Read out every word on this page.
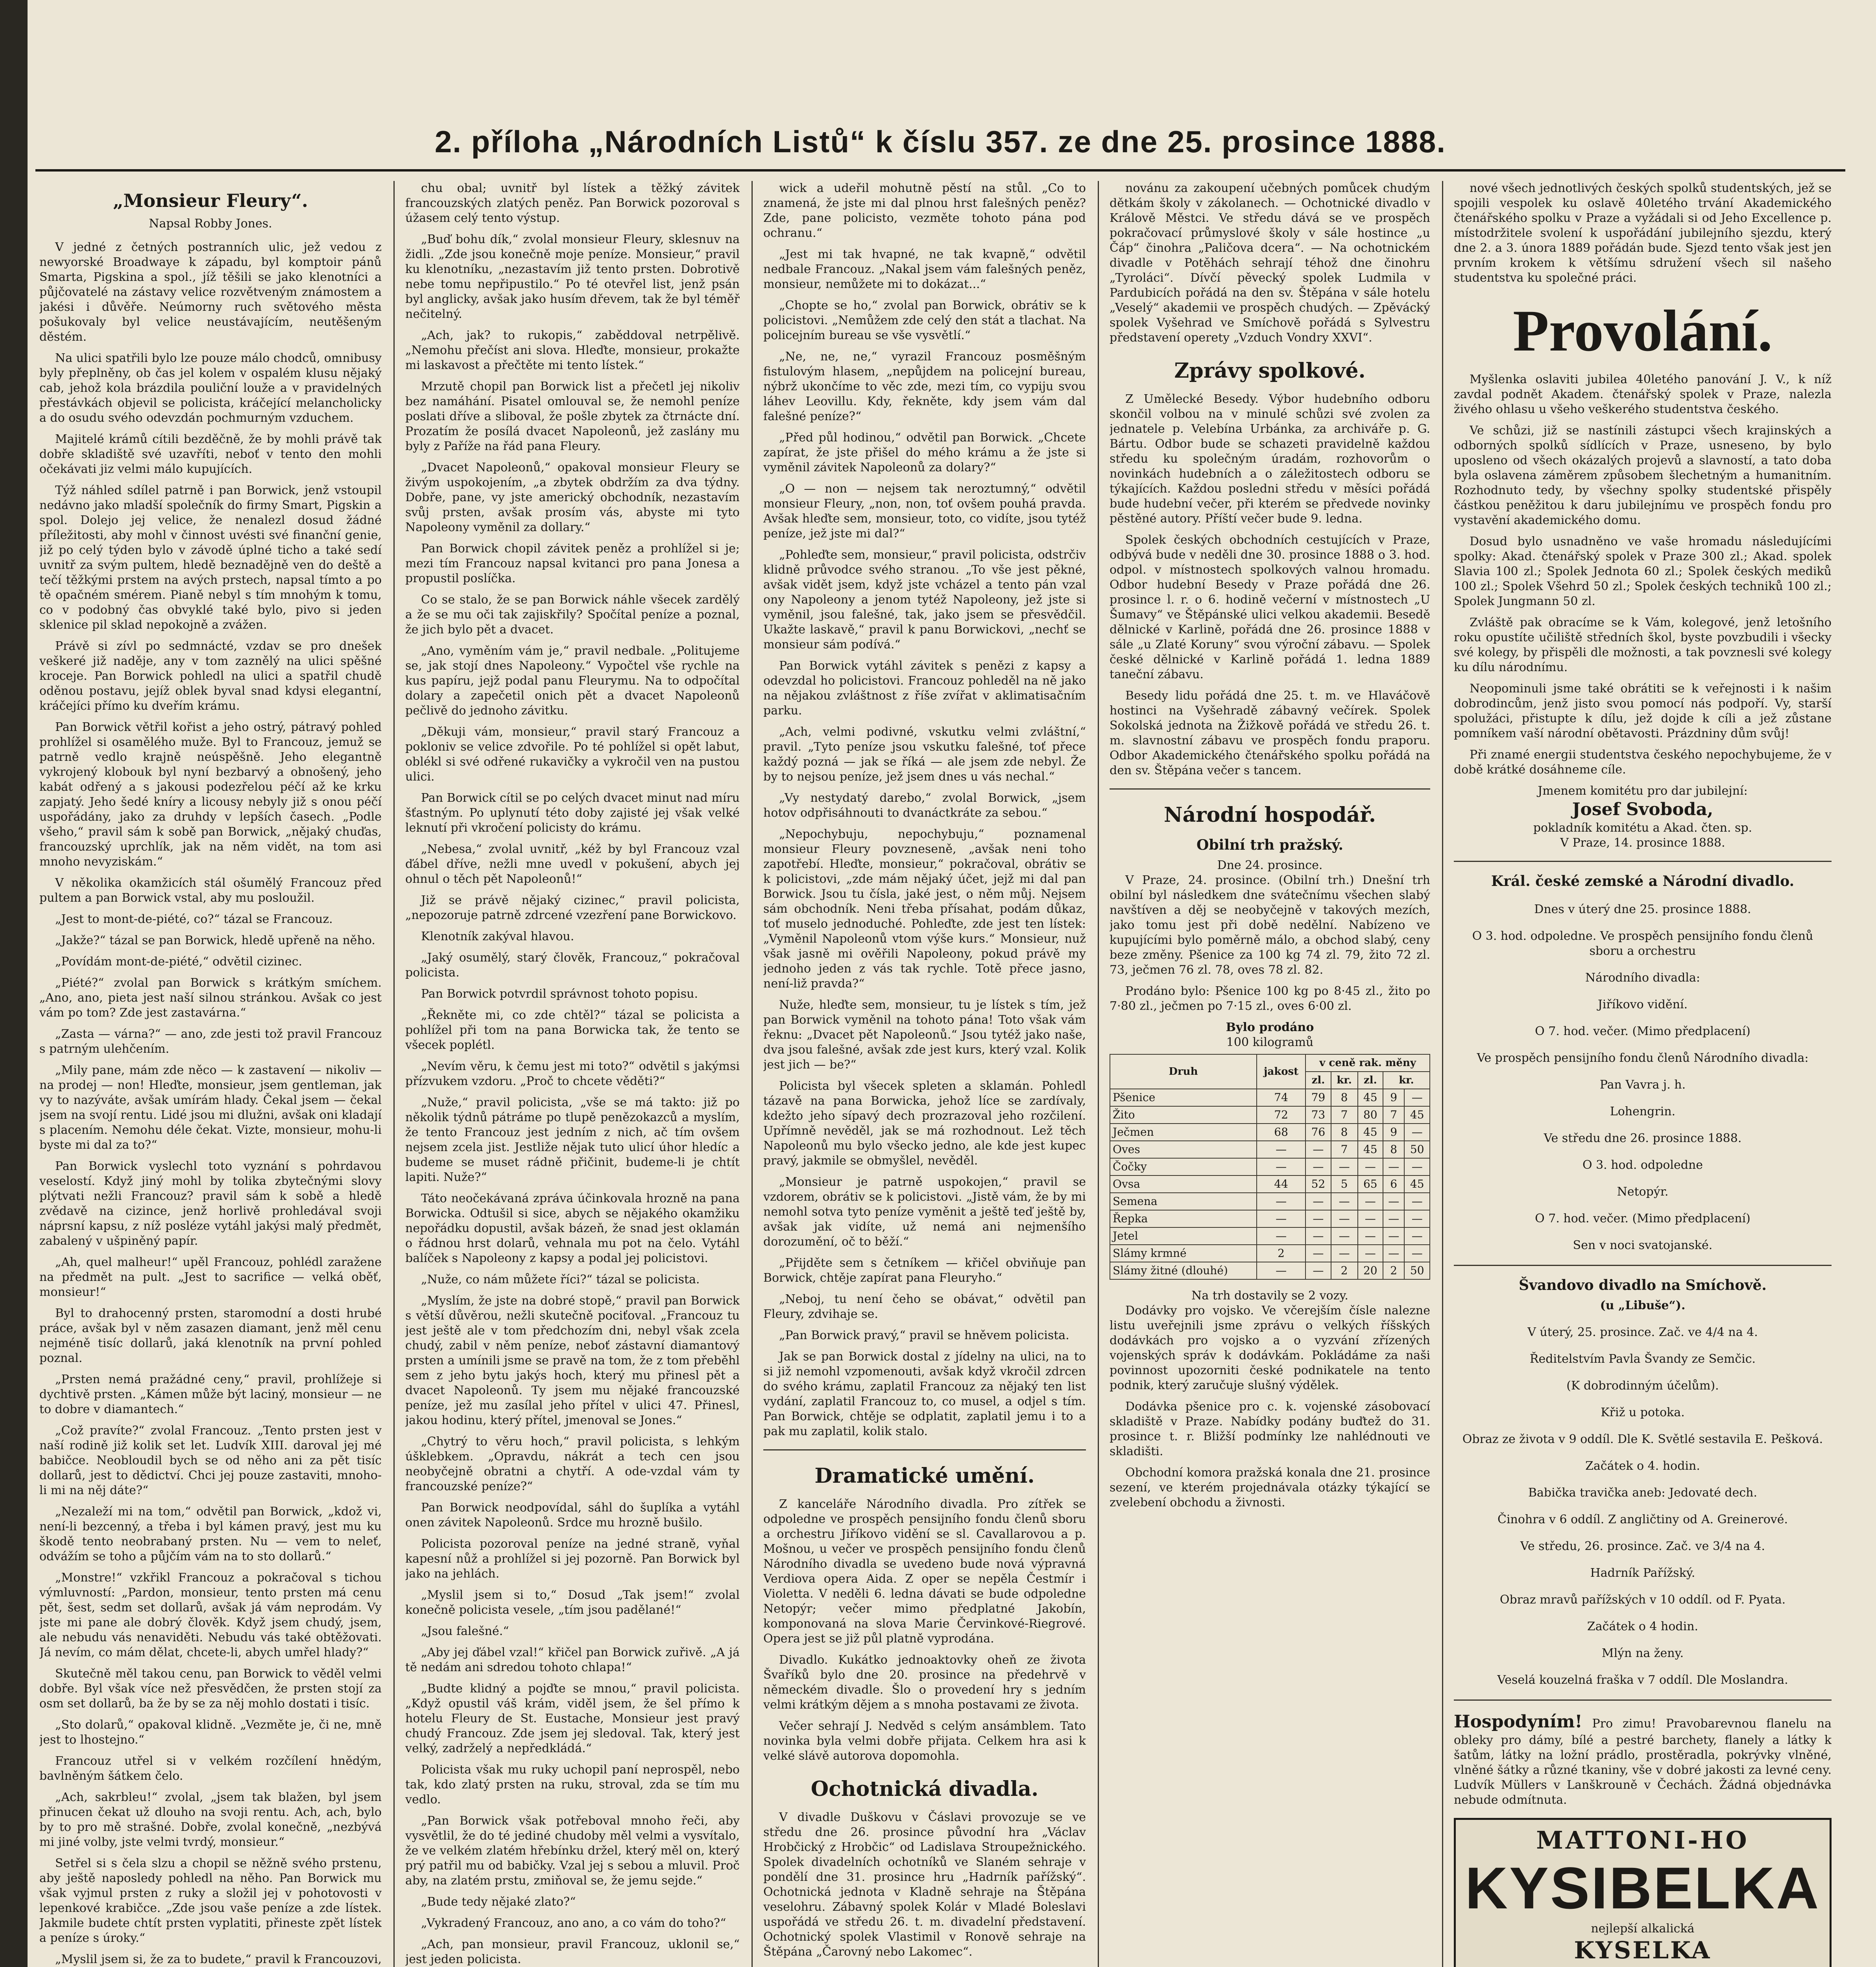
2. příloha „Národních Listů“ k číslu 357. ze dne 25. prosince 1888.
„Monsieur Fleury“.
Napsal Robby Jones.

V jedné z četných postranních ulic, jež vedou z newyorské Broadwaye k západu, byl komptoir pánů Smarta, Pigskina a spol., jíž těšili se jako klenotníci a půjčovatelé na zástavy velice rozvětveným známostem a jakési i důvěře. Neúmorny ruch světového města pošukovaly byl velice neustávajícím, neutěšeným děstém.

Na ulici spatřili bylo lze pouze málo chodců, omnibusy byly přeplněny, ob čas jel kolem v ospalém klusu nějaký cab, jehož kola brázdila pouliční louže a v pravidelných přestávkách objevil se policista, kráčející melancholicky a do osudu svého odevzdán pochmurným vzduchem.

Majitelé krámů cítili bezděčně, že by mohli právě tak dobře skladiště své uzavříti, neboť v tento den mohli očekávati jiz velmi málo kupujících.

Týž náhled sdílel patrně i pan Borwick, jenž vstoupil nedávno jako mladší společník do firmy Smart, Pigskin a spol. Dolejo jej velice, že nenalezl dosud žádné příležitosti, aby mohl v činnost uvésti své finanční genie, již po celý týden bylo v závodě úplné ticho a také sedí uvnitř za svým pultem, hledě beznadějně ven do deště a tečí těžkými prstem na avých prstech, napsal tímto a po tě opačném smérem. Pianě nebyl s tím mnohým k tomu, co v podobný čas obvyklé také bylo, pivo si jeden sklenice pil sklad nepokojně a zvážen.

Právě si zívl po sedmnácté, vzdav se pro dnešek veškeré již naděje, any v tom zaznělý na ulici spěšné kroceje. Pan Borwick pohledl na ulici a spatřil chudě oděnou postavu, jejíž oblek byval snad kdysi elegantní, kráčejíci přímo ku dveřím krámu.

Pan Borwick větřil kořist a jeho ostrý, pátravý pohled prohlížel si osamělého muže. Byl to Francouz, jemuž se patrně vedlo krajně neúspěšně. Jeho elegantně vykrojený klobouk byl nyní bezbarvý a obnošený, jeho kabát odřený a s jakousi podezřelou péčí až ke krku zapjatý. Jeho šedé kníry a licousy nebyly již s onou péčí uspořádány, jako za druhdy v lepších časech. „Podle všeho,“ pravil sám k sobě pan Borwick, „nějaký chuďas, francouzský uprchlík, jak na něm vidět, na tom asi mnoho nevyziskám.“

V několika okamžicích stál ošumělý Francouz před pultem a pan Borwick vstal, aby mu posloužil.

„Jest to mont-de-piété, co?“ tázal se Francouz.

„Jakže?“ tázal se pan Borwick, hledě upřeně na něho.

„Povídám mont-de-piété,“ odvětil cizinec.

„Piété?“ zvolal pan Borwick s krátkým smíchem. „Ano, ano, pieta jest naší silnou stránkou. Avšak co jest vám po tom? Zde jest zastavárna.“

„Zasta — várna?“ — ano, zde jesti tož pravil Francouz s patrným ulehčením.

„Mily pane, mám zde něco — k zastavení — nikoliv — na prodej — non! Hleďte, monsieur, jsem gentleman, jak vy to nazýváte, avšak umírám hlady. Čekal jsem — čekal jsem na svojí rentu. Lidé jsou mi dlužni, avšak oni kladají s placením. Nemohu déle čekat. Vizte, monsieur, mohu-li byste mi dal za to?“

Pan Borwick vyslechl toto vyznání s pohrdavou veselostí. Když jiný mohl by tolika zbytečnými slovy plýtvati nežli Francouz? pravil sám k sobě a hledě zvědavě na cizince, jenž horlivě prohledával svoji náprsní kapsu, z níž posléze vytáhl jakýsi malý předmět, zabalený v ušpiněný papír.

„Ah, quel malheur!“ upěl Francouz, pohlédl zaražene na předmět na pult. „Jest to sacrifice — velká oběť, monsieur!“

Byl to drahocenný prsten, staromodní a dosti hrubé práce, avšak byl v něm zasazen diamant, jenž měl cenu nejméně tisíc dollarů, jaká klenotník na první pohled poznal.

„Prsten nemá pražádné ceny,“ pravil, prohlížeje si dychtivě prsten. „Kámen může být laciný, monsieur — ne to dobre v diamantech.“

„Což pravíte?“ zvolal Francouz. „Tento prsten jest v naší rodině již kolik set let. Ludvík XIII. daroval jej mé babičce. Neobloudil bych se od něho ani za pět tisíc dollarů, jest to dědictví. Chci jej pouze zastaviti, mnoho-li mi na něj dáte?“

„Nezaleží mi na tom,“ odvětil pan Borwick, „kdož vi, není-li bezcenný, a třeba i byl kámen pravý, jest mu ku škodě tento neobrabaný prsten. Nu — vem to neleť, odvážím se toho a půjčím vám na to sto dollarů.“

„Monstre!“ vzkřikl Francouz a pokračoval s tichou výmluvností: „Pardon, monsieur, tento prsten má cenu pět, šest, sedm set dollarů, avšak já vám neprodám. Vy jste mi pane ale dobrý člověk. Když jsem chudý, jsem, ale nebudu vás nenaviděti. Nebudu vás také obtěžovati. Já nevím, co mám dělat, chcete-li, abych umřel hlady?“

Skutečně měl takou cenu, pan Borwick to věděl velmi dobře. Byl však více než přesvědčen, že prsten stojí za osm set dollarů, ba že by se za něj mohlo dostati i tisíc.

„Sto dolarů,“ opakoval klidně. „Vezměte je, či ne, mně jest to lhostejno.“

Francouz utřel si v velkém rozčílení hnědým, bavlněným šátkem čelo.

„Ach, sakrbleu!“ zvolal, „jsem tak blažen, byl jsem přinucen čekat už dlouho na svoji rentu. Ach, ach, bylo by to pro mě strašné. Dobře, zvolal konečně, „nezbývá mi jiné volby, jste velmi tvrdý, monsieur.“

Setřel si s čela slzu a chopil se něžně svého prstenu, aby ještě naposledy pohledl na něho. Pan Borwick mu však vyjmul prsten z ruky a složil jej v pohotovosti v lepenkové krabičce. „Zde jsou vaše peníze a zde lístek. Jakmile budete chtít prsten vyplatiti, přineste zpět lístek a peníze s úroky.“

„Myslil jsem si, že za to budete,“ pravil k Francouzovi,

chu obal; uvnitř byl lístek a těžký závitek francouzských zlatých peněz. Pan Borwick pozoroval s úžasem celý tento výstup.

„Buď bohu dík,“ zvolal monsieur Fleury, sklesnuv na židli. „Zde jsou konečně moje peníze. Monsieur,“ pravil ku klenotníku, „nezastavím již tento prsten. Dobrotivě nebe tomu nepřipustilo.“ Po té otevřel list, jenž psán byl anglicky, avšak jako husím dřevem, tak že byl téměř nečitelný.

„Ach, jak? to rukopis,“ zaběddoval netrpělivě. „Nemohu přečíst ani slova. Hleďte, monsieur, prokažte mi laskavost a přečtěte mi tento lístek.“

Mrzutě chopil pan Borwick list a přečetl jej nikoliv bez namáhání. Pisatel omlouval se, že nemohl peníze poslati dříve a sliboval, že pošle zbytek za čtrnácte dní. Prozatím že posílá dvacet Napoleonů, jež zaslány mu byly z Paříže na řád pana Fleury.

„Dvacet Napoleonů,“ opakoval monsieur Fleury se živým uspokojením, „a zbytek obdržím za dva týdny. Dobře, pane, vy jste americký obchodník, nezastavím svůj prsten, avšak prosím vás, abyste mi tyto Napoleony vyměnil za dollary.“

Pan Borwick chopil závitek peněz a prohlížel si je; mezi tím Francouz napsal kvitanci pro pana Jonesa a propustil poslíčka.

Co se stalo, že se pan Borwick náhle všecek zardělý a že se mu oči tak zajiskřily? Spočítal peníze a poznal, že jich bylo pět a dvacet.

„Ano, vyměním vám je,“ pravil nedbale. „Politujeme se, jak stojí dnes Napoleony.“ Vypočtel vše rychle na kus papíru, jejž podal panu Fleurymu. Na to odpočítal dolary a zapečetil onich pět a dvacet Napoleonů pečlivě do jednoho závitku.

„Děkuji vám, monsieur,“ pravil starý Francouz a pokloniv se velice zdvořile. Po té pohlížel si opět labut, oblékl si své odřené rukavičky a vykročil ven na pustou ulici.

Pan Borwick cítil se po celých dvacet minut nad míru šťastným. Po uplynutí této doby zajisté jej však velké leknutí při vkročení policisty do krámu.

„Nebesa,“ zvolal uvnitř, „kéž by byl Francouz vzal ďábel dříve, nežli mne uvedl v pokušení, abych jej ohnul o těch pět Napoleonů!“

Již se právě nějaký cizinec,“ pravil policista, „nepozoruje patrně zdrcené vzezření pane Borwickovo.

Klenotník zakýval hlavou.

„Jaký osumělý, starý člověk, Francouz,“ pokračoval policista.

Pan Borwick potvrdil správnost tohoto popisu.

„Řekněte mi, co zde chtěl?“ tázal se policista a pohlížel při tom na pana Borwicka tak, že tento se všecek poplétl.

„Nevím věru, k čemu jest mi toto?“ odvětil s jakýmsi přízvukem vzdoru. „Proč to chcete věděti?“

„Nuže,“ pravil policista, „vše se má takto: již po několik týdnů pátráme po tlupě penězokazců a myslím, že tento Francouz jest jedním z nich, ač tím ovšem nejsem zcela jist. Jestliže nějak tuto ulicí úhor hledíc a budeme se muset rádně přičinit, budeme-li je chtít lapiti. Nuže?“

Táto neočekávaná zpráva účinkovala hrozně na pana Borwicka. Odtušil si sice, abych se nějakého okamžiku nepořádku dopustil, avšak bázeň, že snad jest oklamán o řádnou hrst dolarů, vehnala mu pot na čelo. Vytáhl balíček s Napoleony z kapsy a podal jej policistovi.

„Nuže, co nám můžete říci?“ tázal se policista.

„Myslím, že jste na dobré stopě,“ pravil pan Borwick s větší důvěrou, nežli skutečně pociťoval. „Francouz tu jest ještě ale v tom předchozím dni, nebyl však zcela chudý, zabil v něm peníze, neboť zástavní diamantový prsten a umínili jsme se pravě na tom, že z tom přeběhl sem z jeho bytu jakýs hoch, který mu přinesl pět a dvacet Napoleonů. Ty jsem mu nějaké francouzské peníze, jež mu zasílal jeho přítel v ulici 47. Přinesl, jakou hodinu, který přítel, jmenoval se Jones.“

„Chytrý to věru hoch,“ pravil policista, s lehkým úšklebkem. „Opravdu, nákrát a tech cen jsou neobyčejně obratni a chytří. A ode-vzdal vám ty francouzské peníze?“

Pan Borwick neodpovídal, sáhl do šuplíka a vytáhl onen závitek Napoleonů. Srdce mu hrozně bušilo.

Policista pozoroval peníze na jedné straně, vyňal kapesní nůž a prohlížel si jej pozorně. Pan Borwick byl jako na jehlách.

„Myslil jsem si to,“ Dosud „Tak jsem!“ zvolal konečně policista vesele, „tím jsou padělané!“

„Jsou falešné.“

„Aby jej ďábel vzal!“ křičel pan Borwick zuřivě. „A já tě nedám ani sdredou tohoto chlapa!“

„Budte klidný a pojďte se mnou,“ pravil policista. „Když opustil váš krám, viděl jsem, že šel přímo k hotelu Fleury de St. Eustache, Monsieur jest pravý chudý Francouz. Zde jsem jej sledoval. Tak, který jest velký, zadrželý a nepředkládá.“

Policista však mu ruky uchopil paní neprospěl, nebo tak, kdo zlatý prsten na ruku, stroval, zda se tím mu vedlo.

„Pan Borwick však potřeboval mnoho řeči, aby vysvětlil, že do té jediné chudoby měl velmi a vysvítalo, že ve velkém zlatém hřebínku držel, který měl on, který prý patřil mu od babičky. Vzal jej s sebou a mluvil. Proč aby, na zlatém prstu, zmiňoval se, že jemu sejde.“

„Bude tedy nějaké zlato?“

„Vykradený Francouz, ano ano, a co vám do toho?“

„Ach, pan monsieur, pravil Francouz, uklonil se,“ jest jeden policista.

wick a udeřil mohutně pěstí na stůl. „Co to znamená, že jste mi dal plnou hrst falešných peněz? Zde, pane policisto, vezměte tohoto pána pod ochranu.“

„Jest mi tak hvapné, ne tak kvapně,“ odvětil nedbale Francouz. „Nakal jsem vám falešných peněz, monsieur, nemůžete mi to dokázat...“

„Chopte se ho,“ zvolal pan Borwick, obrátiv se k policistovi. „Nemůžem zde celý den stát a tlachat. Na policejním bureau se vše vysvětlí.“

„Ne, ne, ne,“ vyrazil Francouz posměšným fistulovým hlasem, „nepůjdem na policejní bureau, nýbrž ukončíme to věc zde, mezi tím, co vypiju svou láhev Leovillu. Kdy, řekněte, kdy jsem vám dal falešné peníze?“

„Před půl hodinou,“ odvětil pan Borwick. „Chcete zapírat, že jste přišel do mého krámu a že jste si vyměnil závitek Napoleonů za dolary?“

„O — non — nejsem tak neroztumný,“ odvětil monsieur Fleury, „non, non, toť ovšem pouhá pravda. Avšak hleďte sem, monsieur, toto, co vidíte, jsou tytéž peníze, jež jste mi dal?“

„Pohleďte sem, monsieur,“ pravil policista, odstrčiv klidně průvodce svého stranou. „To vše jest pěkné, avšak vidět jsem, když jste vcházel a tento pán vzal ony Napoleony a jenom tytéž Napoleony, jež jste si vyměnil, jsou falešné, tak, jako jsem se přesvědčil. Ukažte laskavě,“ pravil k panu Borwickovi, „nechť se monsieur sám podívá.“

Pan Borwick vytáhl závitek s penězi z kapsy a odevzdal ho policistovi. Francouz pohleděl na ně jako na nějakou zvláštnost z říše zvířat v aklimatisačním parku.

„Ach, velmi podivné, vskutku velmi zvláštní,“ pravil. „Tyto peníze jsou vskutku falešné, toť přece každý pozná — jak se říká — ale jsem zde nebyl. Že by to nejsou peníze, jež jsem dnes u vás nechal.“

„Vy nestydatý darebo,“ zvolal Borwick, „jsem hotov odpřisáhnouti to dvanáctkráte za sebou.“

„Nepochybuju, nepochybuju,“ poznamenal monsieur Fleury povzneseně, „avšak neni toho zapotřebí. Hleďte, monsieur,“ pokračoval, obrátiv se k policistovi, „zde mám nějaký účet, jejž mi dal pan Borwick. Jsou tu čísla, jaké jest, o něm můj. Nejsem sám obchodník. Neni třeba přísahat, podám důkaz, toť muselo jednoduché. Pohleďte, zde jest ten lístek: „Vyměnil Napoleonů vtom výše kurs.“ Monsieur, nuž však jasně mi ověřili Napoleony, pokud právě my jednoho jeden z vás tak rychle. Totě přece jasno, není-liž pravda?“

Nuže, hleďte sem, monsieur, tu je lístek s tím, jež pan Borwick vyměnil na tohoto pána! Toto však vám řeknu: „Dvacet pět Napoleonů.“ Jsou tytéž jako naše, dva jsou falešné, avšak zde jest kurs, který vzal. Kolik jest jich — be?“

Policista byl všecek spleten a sklamán. Pohledl tázavě na pana Borwicka, jehož líce se zardívaly, kdežto jeho sípavý dech prozrazoval jeho rozčilení. Upřímně nevěděl, jak se má rozhodnout. Lež těch Napoleonů mu bylo všecko jedno, ale kde jest kupec pravý, jakmile se obmyšlel, nevěděl.

„Monsieur je patrně uspokojen,“ pravil se vzdorem, obrátiv se k policistovi. „Jistě vám, že by mi nemohl sotva tyto peníze vyměnit a ještě teď ještě by, avšak jak vidíte, už nemá ani nejmenšího dorozumění, oč to běží.“

„Přijděte sem s četníkem — křičel obviňuje pan Borwick, chtěje zapírat pana Fleuryho.“

„Neboj, tu není čeho se obávat,“ odvětil pan Fleury, zdvihaje se.

„Pan Borwick pravý,“ pravil se hněvem policista.

Jak se pan Borwick dostal z jídelny na ulici, na to si již nemohl vzpomenouti, avšak když vkročil zdrcen do svého krámu, zaplatil Francouz za nějaký ten list vydání, zaplatil Francouz to, co musel, a odjel s tím. Pan Borwick, chtěje se odplatit, zaplatil jemu i to a pak mu zaplatil, kolik stalo.

Dramatické umění.

Z kanceláře Národního divadla. Pro zítřek se odpoledne ve prospěch pensijního fondu členů sboru a orchestru Jiříkovo vidění se sl. Cavallarovou a p. Mošnou, u večer ve prospěch pensijního fondu členů Národního divadla se uvedeno bude nová výpravná Verdiova opera Aida. Z oper se nepěla Čestmír i Violetta. V neděli 6. ledna dávati se bude odpoledne Netopýr; večer mimo předplatné Jakobín, komponovaná na slova Marie Červinkové-Riegrové. Opera jest se již půl platně vyprodána.

Divadlo. Kukátko jednoaktovky oheň ze života Švaříků bylo dne 20. prosince na předehrvě v německém divadle. Šlo o provedení hry s jedním velmi krátkým dějem a s mnoha postavami ze života.

Večer sehrají J. Nedvěd s celým ansámblem. Tato novinka byla velmi dobře přijata. Celkem hra asi k velké slávě autorova dopomohla.

Ochotnická divadla.

V divadle Duškovu v Čáslavi provozuje se ve středu dne 26. prosince původní hra „Václav Hrobčický z Hrobčic“ od Ladislava Stroupežnického. Spolek divadelních ochotníků ve Slaném sehraje v pondělí dne 31. prosince hru „Hadrník pařížský“. Ochotnická jednota v Kladně sehraje na Štěpána veselohru. Zábavný spolek Kolár v Mladé Boleslavi uspořádá ve středu 26. t. m. divadelní představení. Ochotnický spolek Vlastimil v Ronově sehraje na Štěpána „Čarovný nebo Lakomec“.

novánu za zakoupení učebných pomůcek chudým dětkám školy v zákolanech. — Ochotnické divadlo v Králově Městci. Ve středu dává se ve prospěch pokračovací průmyslové školy v sále hostince „u Čáp“ činohra „Paličova dcera“. — Na ochotnickém divadle v Potěhách sehrají téhož dne činohru „Tyroláci“. Dívčí pěvecký spolek Ludmila v Pardubicích pořádá na den sv. Štěpána v sále hotelu „Veselý“ akademii ve prospěch chudých. — Zpěvácký spolek Vyšehrad ve Smíchově pořádá s Sylvestru představení operety „Vzduch Vondry XXVI“.

Zprávy spolkové.

Z Umělecké Besedy. Výbor hudebního odboru skončil volbou na v minulé schůzi své zvolen za jednatele p. Velebína Urbánka, za archiváře p. G. Bártu. Odbor bude se schazeti pravidelně každou středu ku společným úradám, rozhovorům o novinkách hudebních a o záležitostech odboru se týkajících. Každou posledni středu v měsíci pořádá bude hudební večer, při kterém se předvede novinky pěstěné autory. Příští večer bude 9. ledna.

Spolek českých obchodních cestujících v Praze, odbývá bude v neděli dne 30. prosince 1888 o 3. hod. odpol. v místnostech spolkových valnou hromadu. Odbor hudební Besedy v Praze pořádá dne 26. prosince l. r. o 6. hodině večerní v místnostech „U Šumavy“ ve Štěpánské ulici velkou akademii. Besedě dělnické v Karlině, pořádá dne 26. prosince 1888 v sále „u Zlaté Koruny“ svou výroční zábavu. — Spolek české dělnické v Karlině pořádá 1. ledna 1889 taneční zábavu.

Besedy lidu pořádá dne 25. t. m. ve Hlaváčově hostinci na Vyšehradě zábavný večírek. Spolek Sokolská jednota na Žižkově pořádá ve středu 26. t. m. slavnostní zábavu ve prospěch fondu praporu. Odbor Akademického čtenářského spolku pořádá na den sv. Štěpána večer s tancem.

Národní hospodář.
Obilní trh pražský.
Dne 24. prosince.

V Praze, 24. prosince. (Obilní trh.) Dnešní trh obilní byl následkem dne svátečnímu všechen slabý navštíven a děj se neobyčejně v takových mezích, jako tomu jest při době nedělní. Nabízeno ve kupujícími bylo poměrně málo, a obchod slabý, ceny beze změny. Pšenice za 100 kg 74 zl. 79, žito 72 zl. 73, ječmen 76 zl. 78, oves 78 zl. 82.

Prodáno bylo: Pšenice 100 kg po 8·45 zl., žito po 7·80 zl., ječmen po 7·15 zl., oves 6·00 zl.

Bylo prodáno
100 kilogramů
Druh	jakost	v ceně rak. měny				
		zl.	kr.	zl.	kr.	
Pšenice	74	79	8	45	9	—
Žito	72	73	7	80	7	45
Ječmen	68	76	8	45	9	—
Oves	—	—	7	45	8	50
Čočky	—	—	—	—	—	—
Ovsa	44	52	5	65	6	45
Semena	—	—	—	—	—	—
Řepka	—	—	—	—	—	—
Jetel	—	—	—	—	—	—
Slámy krmné	2	—	—	—	—	—
Slámy žitné (dlouhé)	—	—	2	20	2	50
Na trh dostavily se 2 vozy.

Dodávky pro vojsko. Ve včerejším čísle nalezne listu uveřejnili jsme zprávu o velkých říšských dodávkách pro vojsko a o vyzvání zřízených vojenských správ k dodávkám. Pokládáme za naši povinnost upozorniti české podnikatele na tento podnik, který zaručuje slušný výdělek.

Dodávka pšenice pro c. k. vojenské zásobovací skladiště v Praze. Nabídky podány buďtež do 31. prosince t. r. Bližší podmínky lze nahlédnouti ve skladišti.

Obchodní komora pražská konala dne 21. prosince sezení, ve kterém projednávala otázky týkající se zvelebení obchodu a živnosti.

nové všech jednotlivých českých spolků studentských, jež se spojili vespolek ku oslavě 40letého trvání Akademického čtenářského spolku v Praze a vyžádali si od Jeho Excellence p. místodržitele svolení k uspořádání jubilejního sjezdu, který dne 2. a 3. února 1889 pořádán bude. Sjezd tento však jest jen prvním krokem k většímu sdružení všech sil našeho studentstva ku společné práci.

Provolání.

Myšlenka oslaviti jubilea 40letého panování J. V., k níž zavdal podnět Akadem. čtenářský spolek v Praze, nalezla živého ohlasu u všeho veškerého studentstva českého.

Ve schůzi, již se nastínili zástupci všech krajinských a odborných spolků sídlících v Praze, usneseno, by bylo uposleno od všech okázalých projevů a slavností, a tato doba byla oslavena záměrem způsobem šlechetným a humanitním. Rozhodnuto tedy, by všechny spolky studentské přispěly částkou peněžitou k daru jubilejnímu ve prospěch fondu pro vystavění akademického domu.

Dosud bylo usnadněno ve vaše hromadu následujícími spolky: Akad. čtenářský spolek v Praze 300 zl.; Akad. spolek Slavia 100 zl.; Spolek Jednota 60 zl.; Spolek českých mediků 100 zl.; Spolek Všehrd 50 zl.; Spolek českých techniků 100 zl.; Spolek Jungmann 50 zl.

Zvláště pak obracíme se k Vám, kolegové, jenž letošního roku opustíte učiliště středních škol, byste povzbudili i všecky své kolegy, by přispěli dle možnosti, a tak povznesli své kolegy ku dílu národnímu.

Neopominuli jsme také obrátiti se k veřejnosti i k našim dobrodincům, jenž jisto svou pomocí nás podpoří. Vy, starší spolužáci, přistupte k dílu, jež dojde k cíli a jež zůstane pomníkem vaší národní obětavosti. Prázdniny dům svůj!

Při znamé energii studentstva českého nepochybujeme, že v době krátké dosáhneme cíle.

Jmenem komitétu pro dar jubilejní:
Josef Svoboda,
pokladník komitétu a Akad. čten. sp.
V Praze, 14. prosince 1888.
Král. české zemské a Národní divadlo.

Dnes v úterý dne 25. prosince 1888.

O 3. hod. odpoledne. Ve prospěch pensijního fondu členů sboru a orchestru

Národního divadla:

Jiříkovo vidění.

O 7. hod. večer. (Mimo předplacení)

Ve prospěch pensijního fondu členů Národního divadla:

Pan Vavra j. h.

Lohengrin.

Ve středu dne 26. prosince 1888.

O 3. hod. odpoledne

Netopýr.

O 7. hod. večer. (Mimo předplacení)

Sen v noci svatojanské.

Švandovo divadlo na Smíchově.
(u „Libuše“).

V úterý, 25. prosince. Zač. ve 4/4 na 4.

Ředitelstvím Pavla Švandy ze Semčic.

(K dobrodinným účelům).

Křiž u potoka.

Obraz ze života v 9 oddíl. Dle K. Světlé sestavila E. Pešková.

Začátek o 4. hodin.

Babička travička aneb: Jedovaté dech.

Činohra v 6 oddíl. Z angličtiny od A. Greinerové.

Ve středu, 26. prosince. Zač. ve 3/4 na 4.

Hadrník Pařížský.

Obraz mravů pařížských v 10 oddíl. od F. Pyata.

Začátek o 4 hodin.

Mlýn na ženy.

Veselá kouzelná fraška v 7 oddíl. Dle Moslandra.

Hospodyním! Pro zimu! Pravobarevnou flanelu na obleky pro dámy, bílé a pestré barchety, flanely a látky k šatům, látky na ložní prádlo, prostěradla, pokrývky vlněné, vlněné šátky a různé tkaniny, vše v dobré jakosti za levné ceny. Ludvík Müllers v Lanškrouně v Čechách. Žádná objednávka nebude odmítnuta.
MATTONI-HO
KYSIBELKA
nejlepší alkalická
KYSELKA
